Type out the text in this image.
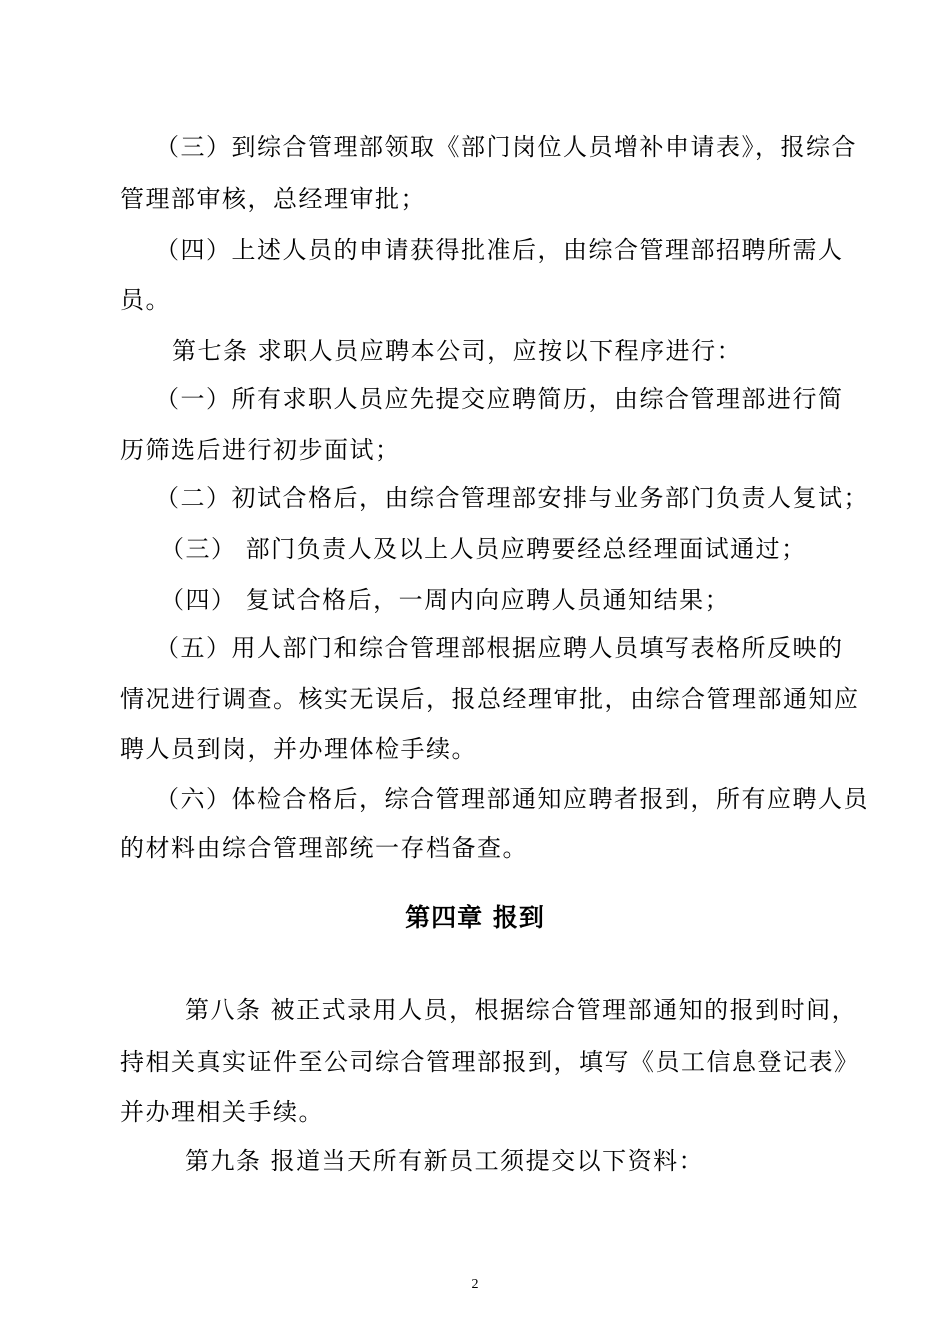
（三）到综合管理部领取《部门岗位人员增补申请表》，报综合
管理部审核，总经理审批；
（四）上述人员的申请获得批准后，由综合管理部招聘所需人
员。
第七条 求职人员应聘本公司，应按以下程序进行：
（一）所有求职人员应先提交应聘简历，由综合管理部进行简
历筛选后进行初步面试；
（二）初试合格后，由综合管理部安排与业务部门负责人复试；
（三） 部门负责人及以上人员应聘要经总经理面试通过；
（四） 复试合格后，一周内向应聘人员通知结果；
（五）用人部门和综合管理部根据应聘人员填写表格所反映的
情况进行调查。核实无误后，报总经理审批，由综合管理部通知应
聘人员到岗，并办理体检手续。
（六）体检合格后，综合管理部通知应聘者报到，所有应聘人员
的材料由综合管理部统一存档备查。
第四章 报到
第八条 被正式录用人员，根据综合管理部通知的报到时间，
持相关真实证件至公司综合管理部报到，填写《员工信息登记表》
并办理相关手续。
第九条 报道当天所有新员工须提交以下资料：
2
